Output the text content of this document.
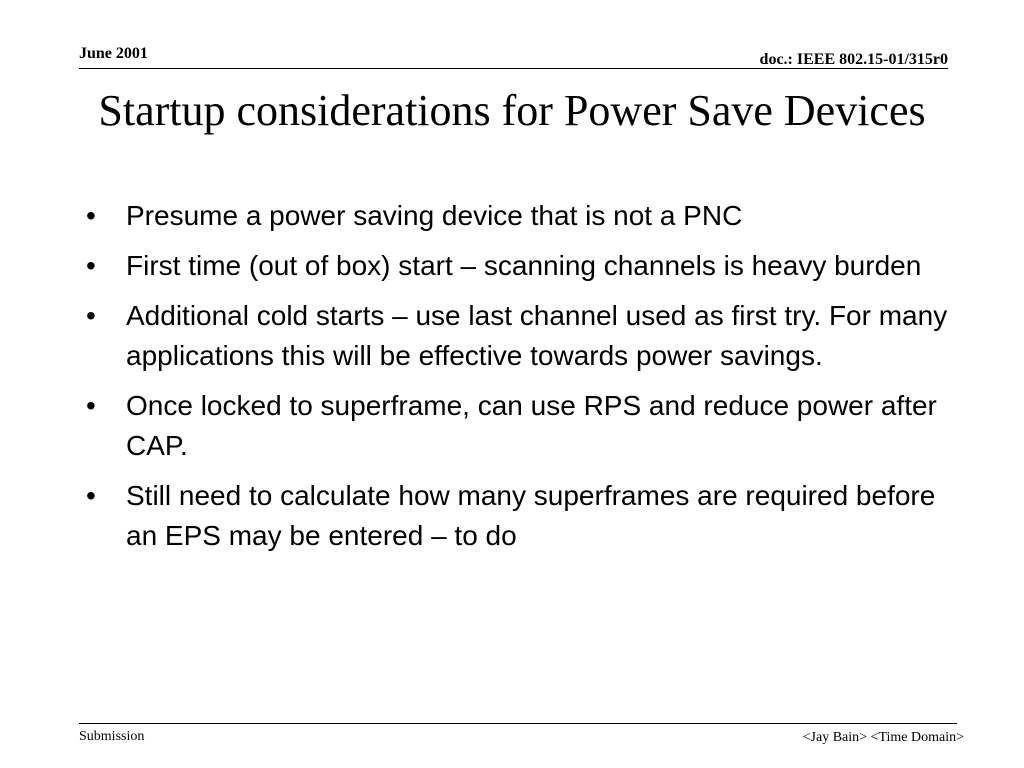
June 2001	doc.: IEEE 802.15-01/315r0
Startup considerations for Power Save Devices
• Presume a power saving device that is not a PNC
• First time (out of box) start – scanning channels is heavy burden
• Additional cold starts – use last channel used as first try. For many applications this will be effective towards power savings.
• Once locked to superframe, can use RPS and reduce power after CAP.
• Still need to calculate how many superframes are required before an EPS may be entered – to do
Submission	<Jay Bain> <Time Domain>
